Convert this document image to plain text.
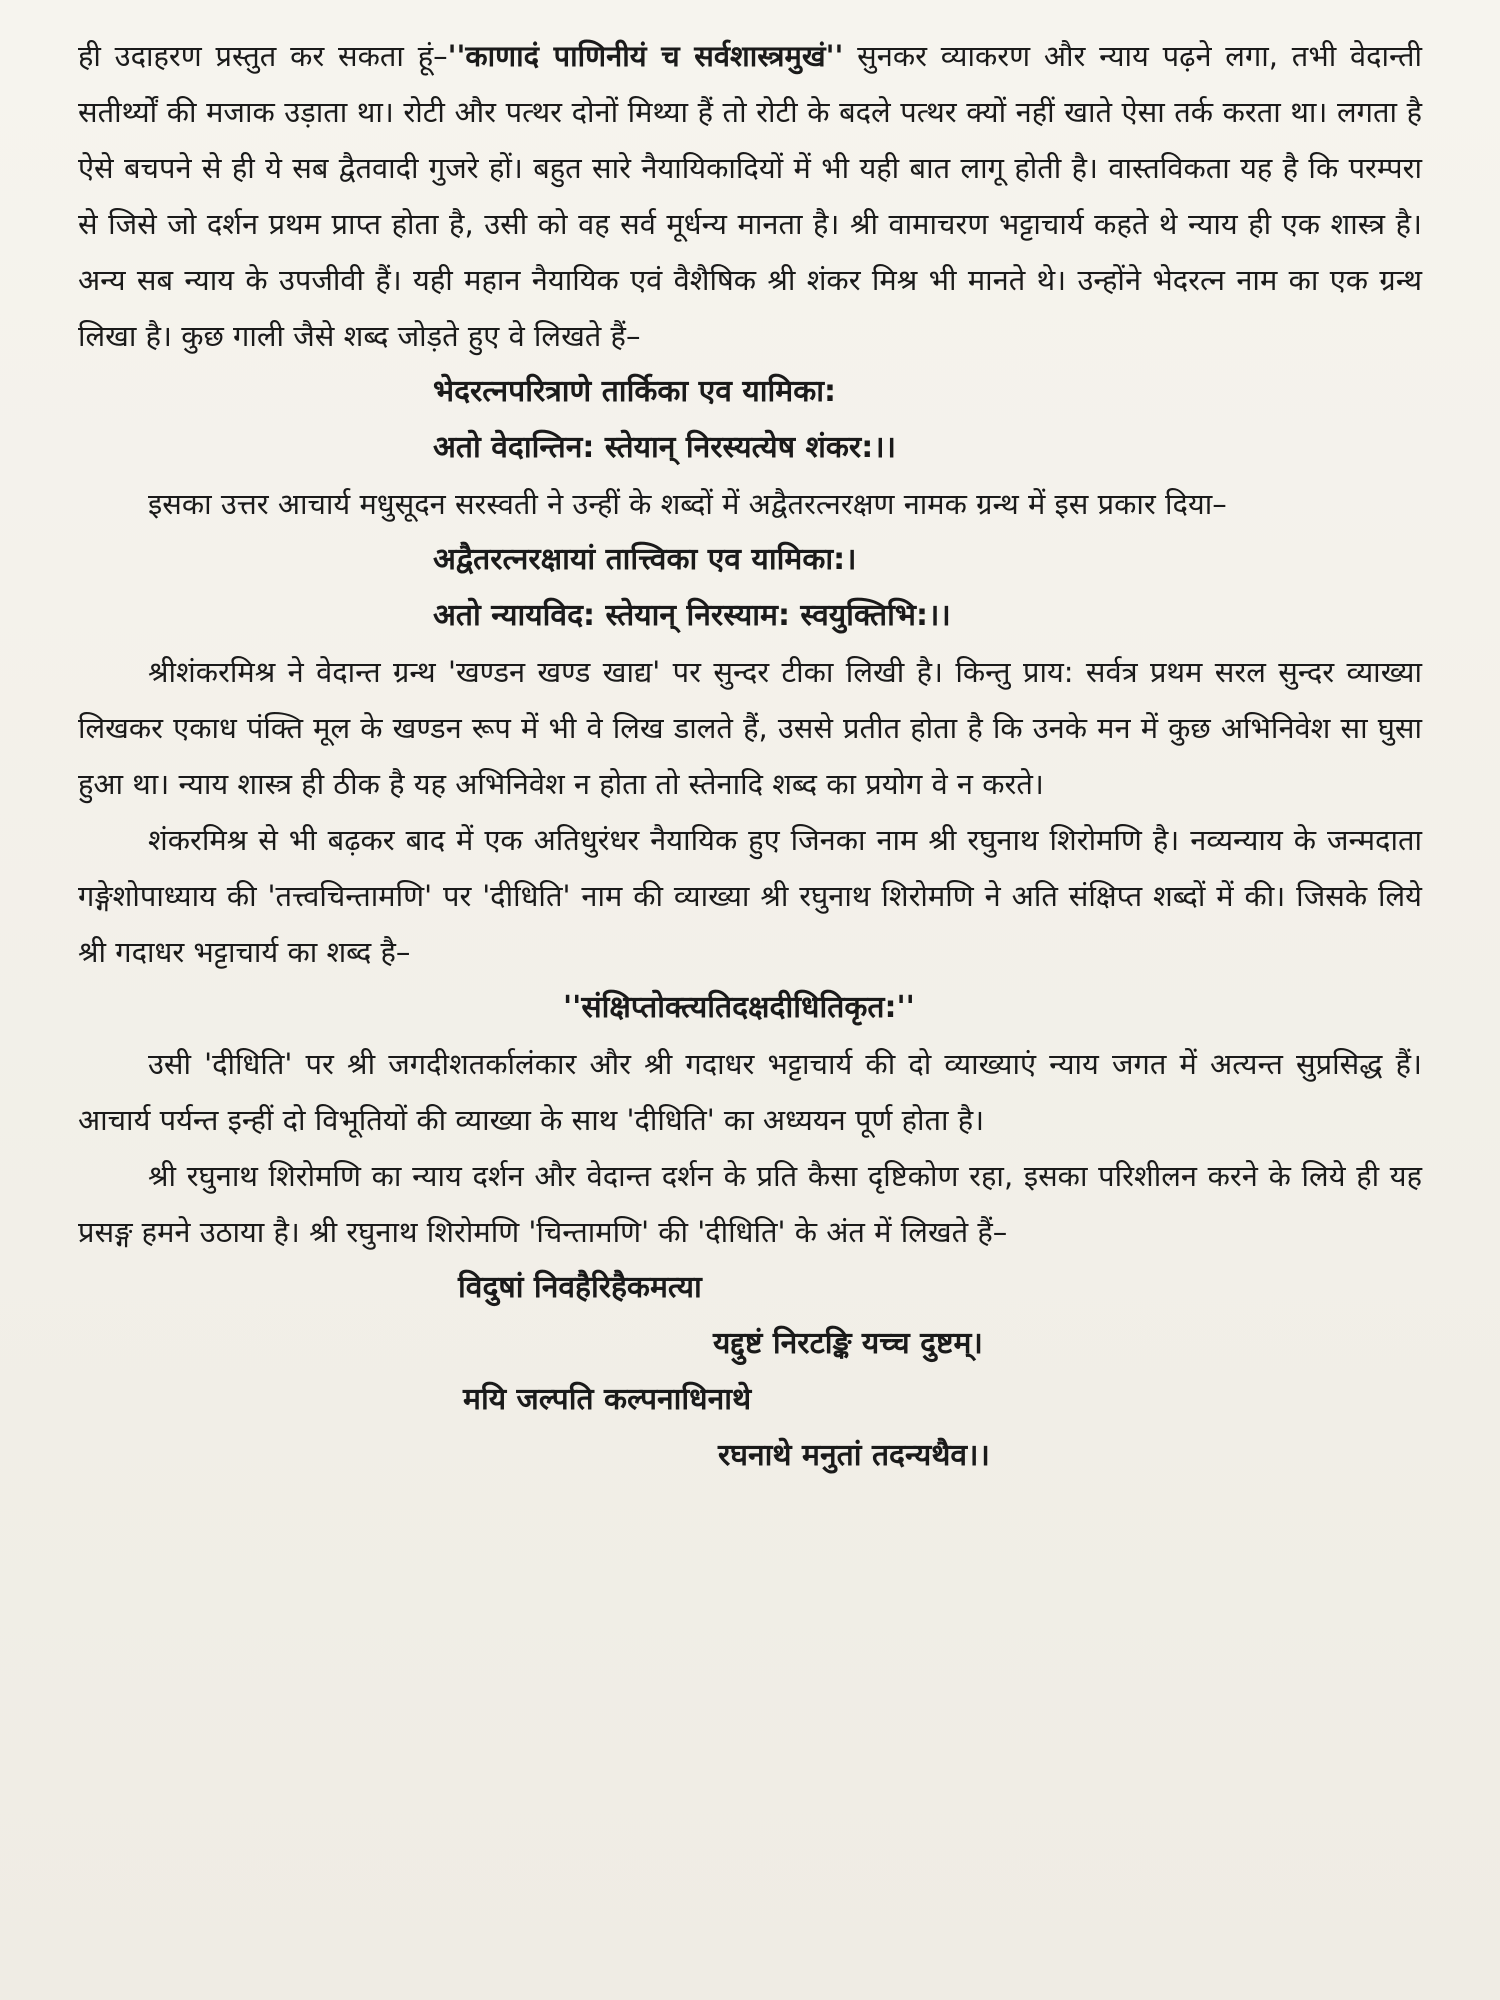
ही उदाहरण प्रस्तुत कर सकता हूं–''काणादं पाणिनीयं च सर्वशास्त्रमुखं'' सुनकर व्याकरण और न्याय पढ़ने लगा, तभी वेदान्ती सतीर्थ्यों की मजाक उड़ाता था। रोटी और पत्थर दोनों मिथ्या हैं तो रोटी के बदले पत्थर क्यों नहीं खाते ऐसा तर्क करता था। लगता है ऐसे बचपने से ही ये सब द्वैतवादी गुजरे हों। बहुत सारे नैयायिकादियों में भी यही बात लागू होती है। वास्तविकता यह है कि परम्परा से जिसे जो दर्शन प्रथम प्राप्त होता है, उसी को वह सर्व मूर्धन्य मानता है। श्री वामाचरण भट्टाचार्य कहते थे न्याय ही एक शास्त्र है। अन्य सब न्याय के उपजीवी हैं। यही महान नैयायिक एवं वैशैषिक श्री शंकर मिश्र भी मानते थे। उन्होंने भेदरत्न नाम का एक ग्रन्थ लिखा है। कुछ गाली जैसे शब्द जोड़ते हुए वे लिखते हैं–

भेदरत्नपरित्राणे तार्किका एव यामिका:

अतो वेदान्तिन: स्तेयान् निरस्यत्येष शंकर:।।

इसका उत्तर आचार्य मधुसूदन सरस्वती ने उन्हीं के शब्दों में अद्वैतरत्नरक्षण नामक ग्रन्थ में इस प्रकार दिया–

अद्वैतरत्नरक्षायां तात्त्विका एव यामिका:।

अतो न्यायविद: स्तेयान् निरस्याम: स्वयुक्तिभि:।।

श्रीशंकरमिश्र ने वेदान्त ग्रन्थ 'खण्डन खण्ड खाद्य' पर सुन्दर टीका लिखी है। किन्तु प्राय: सर्वत्र प्रथम सरल सुन्दर व्याख्या लिखकर एकाध पंक्ति मूल के खण्डन रूप में भी वे लिख डालते हैं, उससे प्रतीत होता है कि उनके मन में कुछ अभिनिवेश सा घुसा हुआ था। न्याय शास्त्र ही ठीक है यह अभिनिवेश न होता तो स्तेनादि शब्द का प्रयोग वे न करते।

शंकरमिश्र से भी बढ़कर बाद में एक अतिधुरंधर नैयायिक हुए जिनका नाम श्री रघुनाथ शिरोमणि है। नव्यन्याय के जन्मदाता गङ्गेशोपाध्याय की 'तत्त्वचिन्तामणि' पर 'दीधिति' नाम की व्याख्या श्री रघुनाथ शिरोमणि ने अति संक्षिप्त शब्दों में की। जिसके लिये श्री गदाधर भट्टाचार्य का शब्द है–

''संक्षिप्तोक्त्यतिदक्षदीधितिकृत:''

उसी 'दीधिति' पर श्री जगदीशतर्कालंकार और श्री गदाधर भट्टाचार्य की दो व्याख्याएं न्याय जगत में अत्यन्त सुप्रसिद्ध हैं। आचार्य पर्यन्त इन्हीं दो विभूतियों की व्याख्या के साथ 'दीधिति' का अध्ययन पूर्ण होता है।

श्री रघुनाथ शिरोमणि का न्याय दर्शन और वेदान्त दर्शन के प्रति कैसा दृष्टिकोण रहा, इसका परिशीलन करने के लिये ही यह प्रसङ्ग हमने उठाया है। श्री रघुनाथ शिरोमणि 'चिन्तामणि' की 'दीधिति' के अंत में लिखते हैं–

विदुषां निवहैरिहैकमत्या

यद्दुष्टं निरटङ्कि यच्च दुष्टम्।

मयि जल्पति कल्पनाधिनाथे

रघनाथे मनुतां तदन्यथैव।।
